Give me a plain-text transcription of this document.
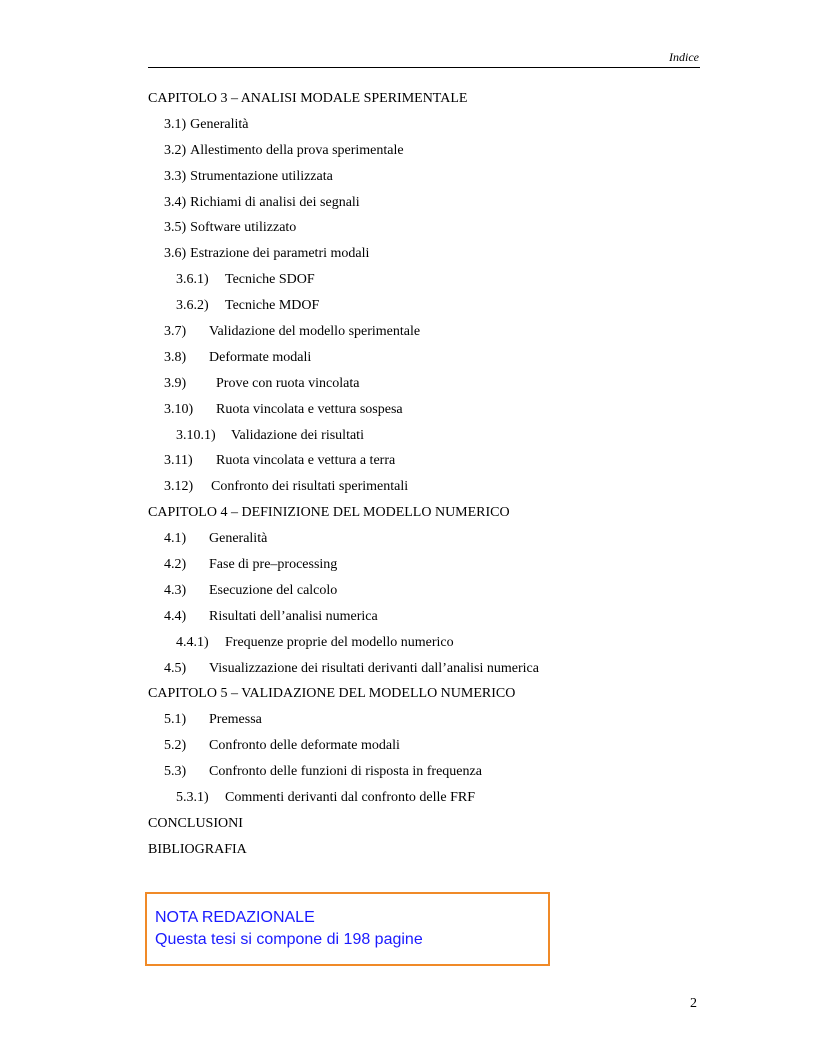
Indice
CAPITOLO 3 – ANALISI MODALE SPERIMENTALE
3.1) Generalità
3.2) Allestimento della prova sperimentale
3.3) Strumentazione utilizzata
3.4) Richiami di analisi dei segnali
3.5) Software utilizzato
3.6) Estrazione dei parametri modali
3.6.1) Tecniche SDOF
3.6.2) Tecniche MDOF
3.7) Validazione del modello sperimentale
3.8) Deformate modali
3.9) Prove con ruota vincolata
3.10) Ruota vincolata e vettura sospesa
3.10.1) Validazione dei risultati
3.11) Ruota vincolata e vettura a terra
3.12) Confronto dei risultati sperimentali
CAPITOLO 4 – DEFINIZIONE DEL MODELLO NUMERICO
4.1) Generalità
4.2) Fase di pre–processing
4.3) Esecuzione del calcolo
4.4) Risultati dell’analisi numerica
4.4.1) Frequenze proprie del modello numerico
4.5) Visualizzazione dei risultati derivanti dall’analisi numerica
CAPITOLO 5 – VALIDAZIONE DEL MODELLO NUMERICO
5.1) Premessa
5.2) Confronto delle deformate modali
5.3) Confronto delle funzioni di risposta in frequenza
5.3.1) Commenti derivanti dal confronto delle FRF
CONCLUSIONI
BIBLIOGRAFIA
NOTA REDAZIONALE
Questa tesi si compone di 198 pagine
2
